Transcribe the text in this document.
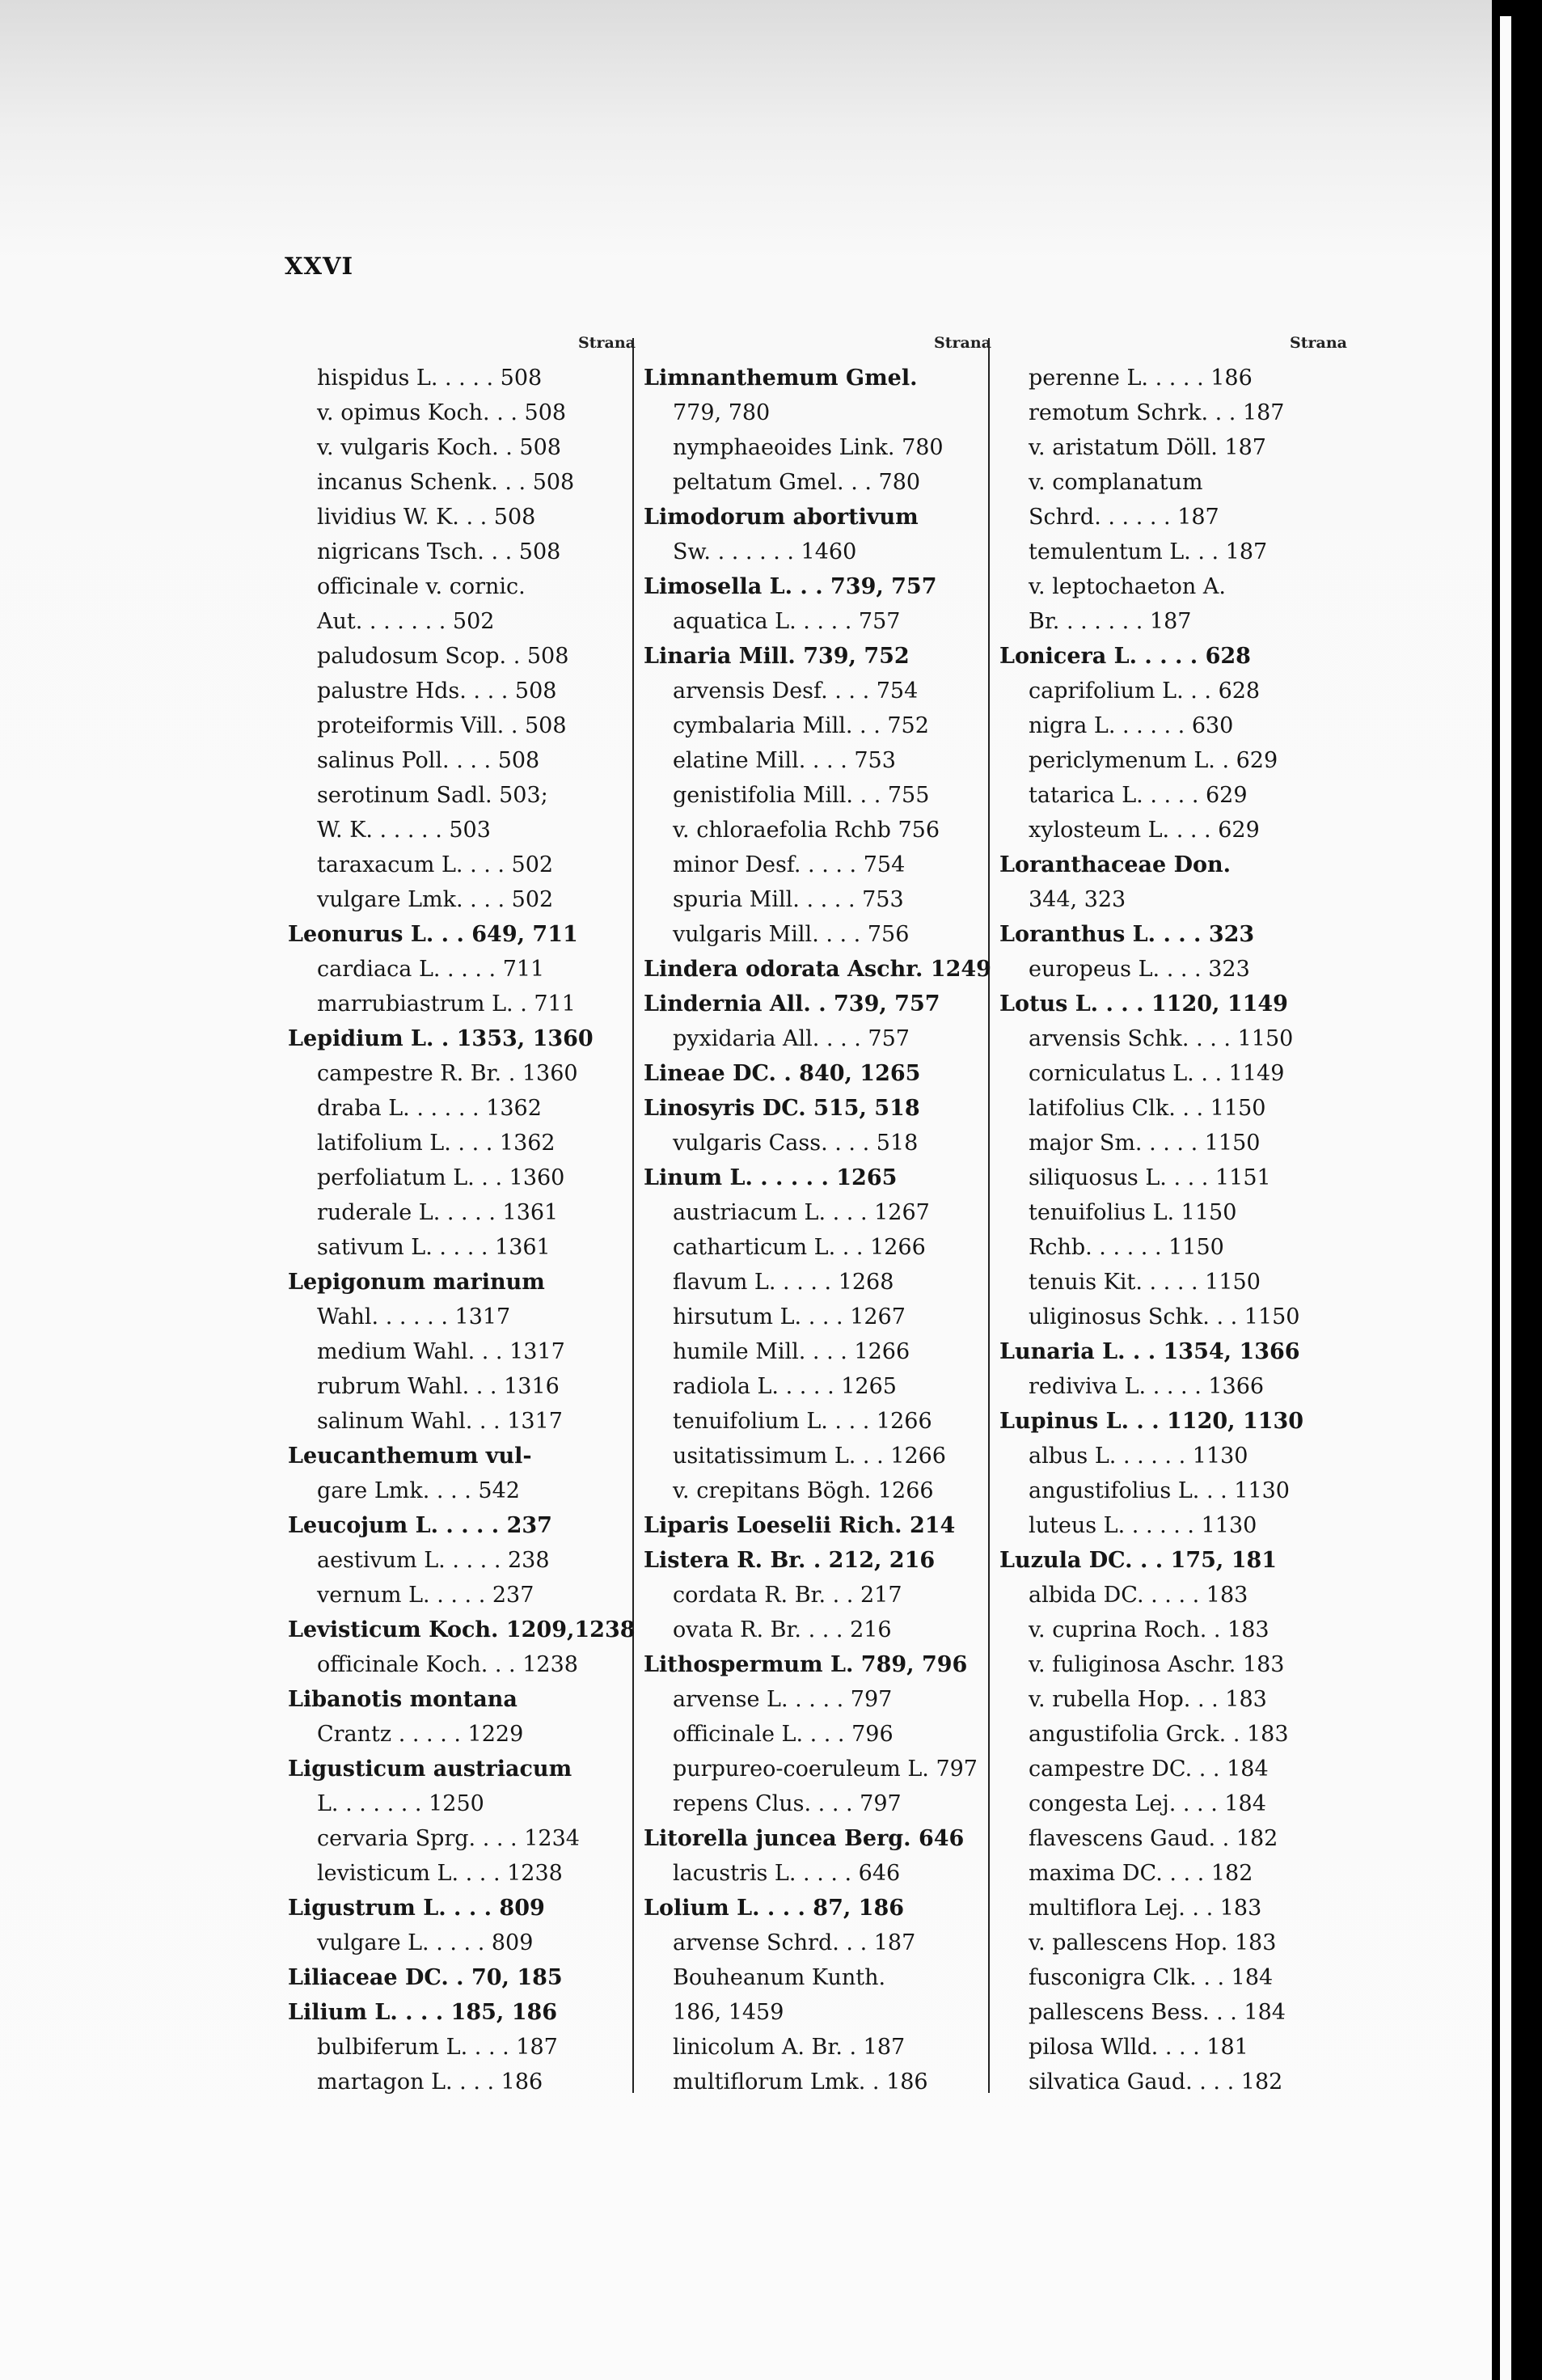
XXVI
Strana
hispidus L. . . . . 508
v. opimus Koch. . . 508
v. vulgaris Koch. . 508
incanus Schenk. . . 508
lividius W. K. . . 508
nigricans Tsch. . . 508
officinale v. cornic.
Aut. . . . . . . 502
paludosum Scop. . 508
palustre Hds. . . . 508
proteiformis Vill. . 508
salinus Poll. . . . 508
serotinum Sadl. 503;
W. K. . . . . . 503
taraxacum L. . . . 502
vulgare Lmk. . . . 502
Leonurus L. . . 649, 711
cardiaca L. . . . . 711
marrubiastrum L. . 711
Lepidium L. . 1353, 1360
campestre R. Br. . 1360
draba L. . . . . . 1362
latifolium L. . . . 1362
perfoliatum L. . . 1360
ruderale L. . . . . 1361
sativum L. . . . . 1361
Lepigonum marinum
Wahl. . . . . . 1317
medium Wahl. . . 1317
rubrum Wahl. . . 1316
salinum Wahl. . . 1317
Leucanthemum vul-
gare Lmk. . . . 542
Leucojum L. . . . . 237
aestivum L. . . . . 238
vernum L. . . . . 237
Levisticum Koch. 1209,1238
officinale Koch. . . 1238
Libanotis montana
Crantz . . . . . 1229
Ligusticum austriacum
L. . . . . . . 1250
cervaria Sprg. . . . 1234
levisticum L. . . . 1238
Ligustrum L. . . . 809
vulgare L. . . . . 809
Liliaceae DC. . 70, 185
Lilium L. . . . 185, 186
bulbiferum L. . . . 187
martagon L. . . . 186
Strana
Limnanthemum Gmel.
779, 780
nymphaeoides Link. 780
peltatum Gmel. . . 780
Limodorum abortivum
Sw. . . . . . . 1460
Limosella L. . . 739, 757
aquatica L. . . . . 757
Linaria Mill. 739, 752
arvensis Desf. . . . 754
cymbalaria Mill. . . 752
elatine Mill. . . . 753
genistifolia Mill. . . 755
v. chloraefolia Rchb 756
minor Desf. . . . . 754
spuria Mill. . . . . 753
vulgaris Mill. . . . 756
Lindera odorata Aschr. 1249
Lindernia All. . 739, 757
pyxidaria All. . . . 757
Lineae DC. . 840, 1265
Linosyris DC. 515, 518
vulgaris Cass. . . . 518
Linum L. . . . . . 1265
austriacum L. . . . 1267
catharticum L. . . 1266
flavum L. . . . . 1268
hirsutum L. . . . 1267
humile Mill. . . . 1266
radiola L. . . . . 1265
tenuifolium L. . . . 1266
usitatissimum L. . . 1266
v. crepitans Bögh. 1266
Liparis Loeselii Rich. 214
Listera R. Br. . 212, 216
cordata R. Br. . . 217
ovata R. Br. . . . 216
Lithospermum L. 789, 796
arvense L. . . . . 797
officinale L. . . . 796
purpureo-coeruleum L. 797
repens Clus. . . . 797
Litorella juncea Berg. 646
lacustris L. . . . . 646
Lolium L. . . . 87, 186
arvense Schrd. . . 187
Bouheanum Kunth.
186, 1459
linicolum A. Br. . 187
multiflorum Lmk. . 186
Strana
perenne L. . . . . 186
remotum Schrk. . . 187
v. aristatum Döll. 187
v. complanatum
Schrd. . . . . . 187
temulentum L. . . 187
v. leptochaeton A.
Br. . . . . . . 187
Lonicera L. . . . . 628
caprifolium L. . . 628
nigra L. . . . . . 630
periclymenum L. . 629
tatarica L. . . . . 629
xylosteum L. . . . 629
Loranthaceae Don.
344, 323
Loranthus L. . . . 323
europeus L. . . . 323
Lotus L. . . . 1120, 1149
arvensis Schk. . . . 1150
corniculatus L. . . 1149
latifolius Clk. . . 1150
major Sm. . . . . 1150
siliquosus L. . . . 1151
tenuifolius L. 1150
Rchb. . . . . . 1150
tenuis Kit. . . . . 1150
uliginosus Schk. . . 1150
Lunaria L. . . 1354, 1366
rediviva L. . . . . 1366
Lupinus L. . . 1120, 1130
albus L. . . . . . 1130
angustifolius L. . . 1130
luteus L. . . . . . 1130
Luzula DC. . . 175, 181
albida DC. . . . . 183
v. cuprina Roch. . 183
v. fuliginosa Aschr. 183
v. rubella Hop. . . 183
angustifolia Grck. . 183
campestre DC. . . 184
congesta Lej. . . . 184
flavescens Gaud. . 182
maxima DC. . . . 182
multiflora Lej. . . 183
v. pallescens Hop. 183
fusconigra Clk. . . 184
pallescens Bess. . . 184
pilosa Wlld. . . . 181
silvatica Gaud. . . . 182
